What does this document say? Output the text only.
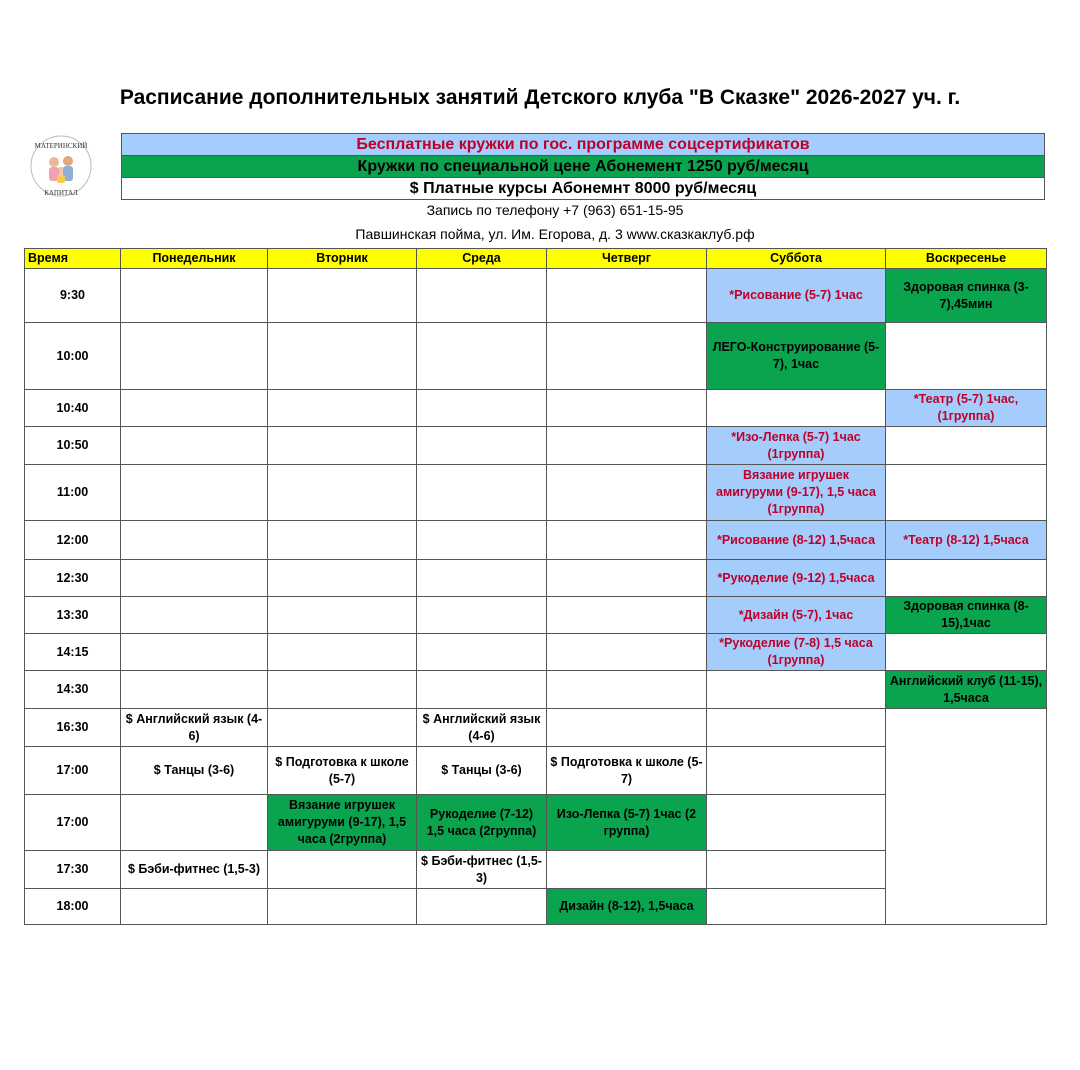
Расписание дополнительных занятий Детского клуба "В Сказке" 2026-2027 уч. г.
МАТЕРИНСКИЙ
КАПИТАЛ
Бесплатные кружки по гос. программе соцсертификатов
Кружки по специальной цене Абонемент 1250 руб/месяц
$ Платные курсы Абонемнт 8000 руб/месяц
Запись по телефону +7 (963) 651-15-95
Павшинская пойма, ул. Им. Егорова, д. 3 www.сказкаклуб.рф
Время	Понедельник	Вторник	Среда	Четверг	Суббота	Воскресенье
9:30					*Рисование (5-7) 1час	Здоровая спинка (3-7),45мин
10:00					ЛЕГО-Конструирование (5-7), 1час	
10:40						*Театр (5-7) 1час, (1группа)
10:50					*Изо-Лепка (5-7) 1час (1группа)	
11:00					Вязание игрушек амигуруми (9-17), 1,5 часа (1группа)	
12:00					*Рисование (8-12) 1,5часа	*Театр (8-12) 1,5часа
12:30					*Рукоделие (9-12) 1,5часа	
13:30					*Дизайн (5-7), 1час	Здоровая спинка (8-15),1час
14:15					*Рукоделие (7-8) 1,5 часа (1группа)	
14:30						Английский клуб (11-15), 1,5часа
16:30	$ Английский язык (4-6)		$ Английский язык (4-6)			
17:00	$ Танцы (3-6)	$ Подготовка к школе (5-7)	$ Танцы (3-6)	$ Подготовка к школе (5-7)		
17:00		Вязание игрушек амигуруми (9-17), 1,5 часа (2группа)	Рукоделие (7-12) 1,5 часа (2группа)	Изо-Лепка (5-7) 1час (2 группа)		
17:30	$ Бэби-фитнес (1,5-3)		$ Бэби-фитнес (1,5-3)			
18:00				Дизайн (8-12), 1,5часа		
